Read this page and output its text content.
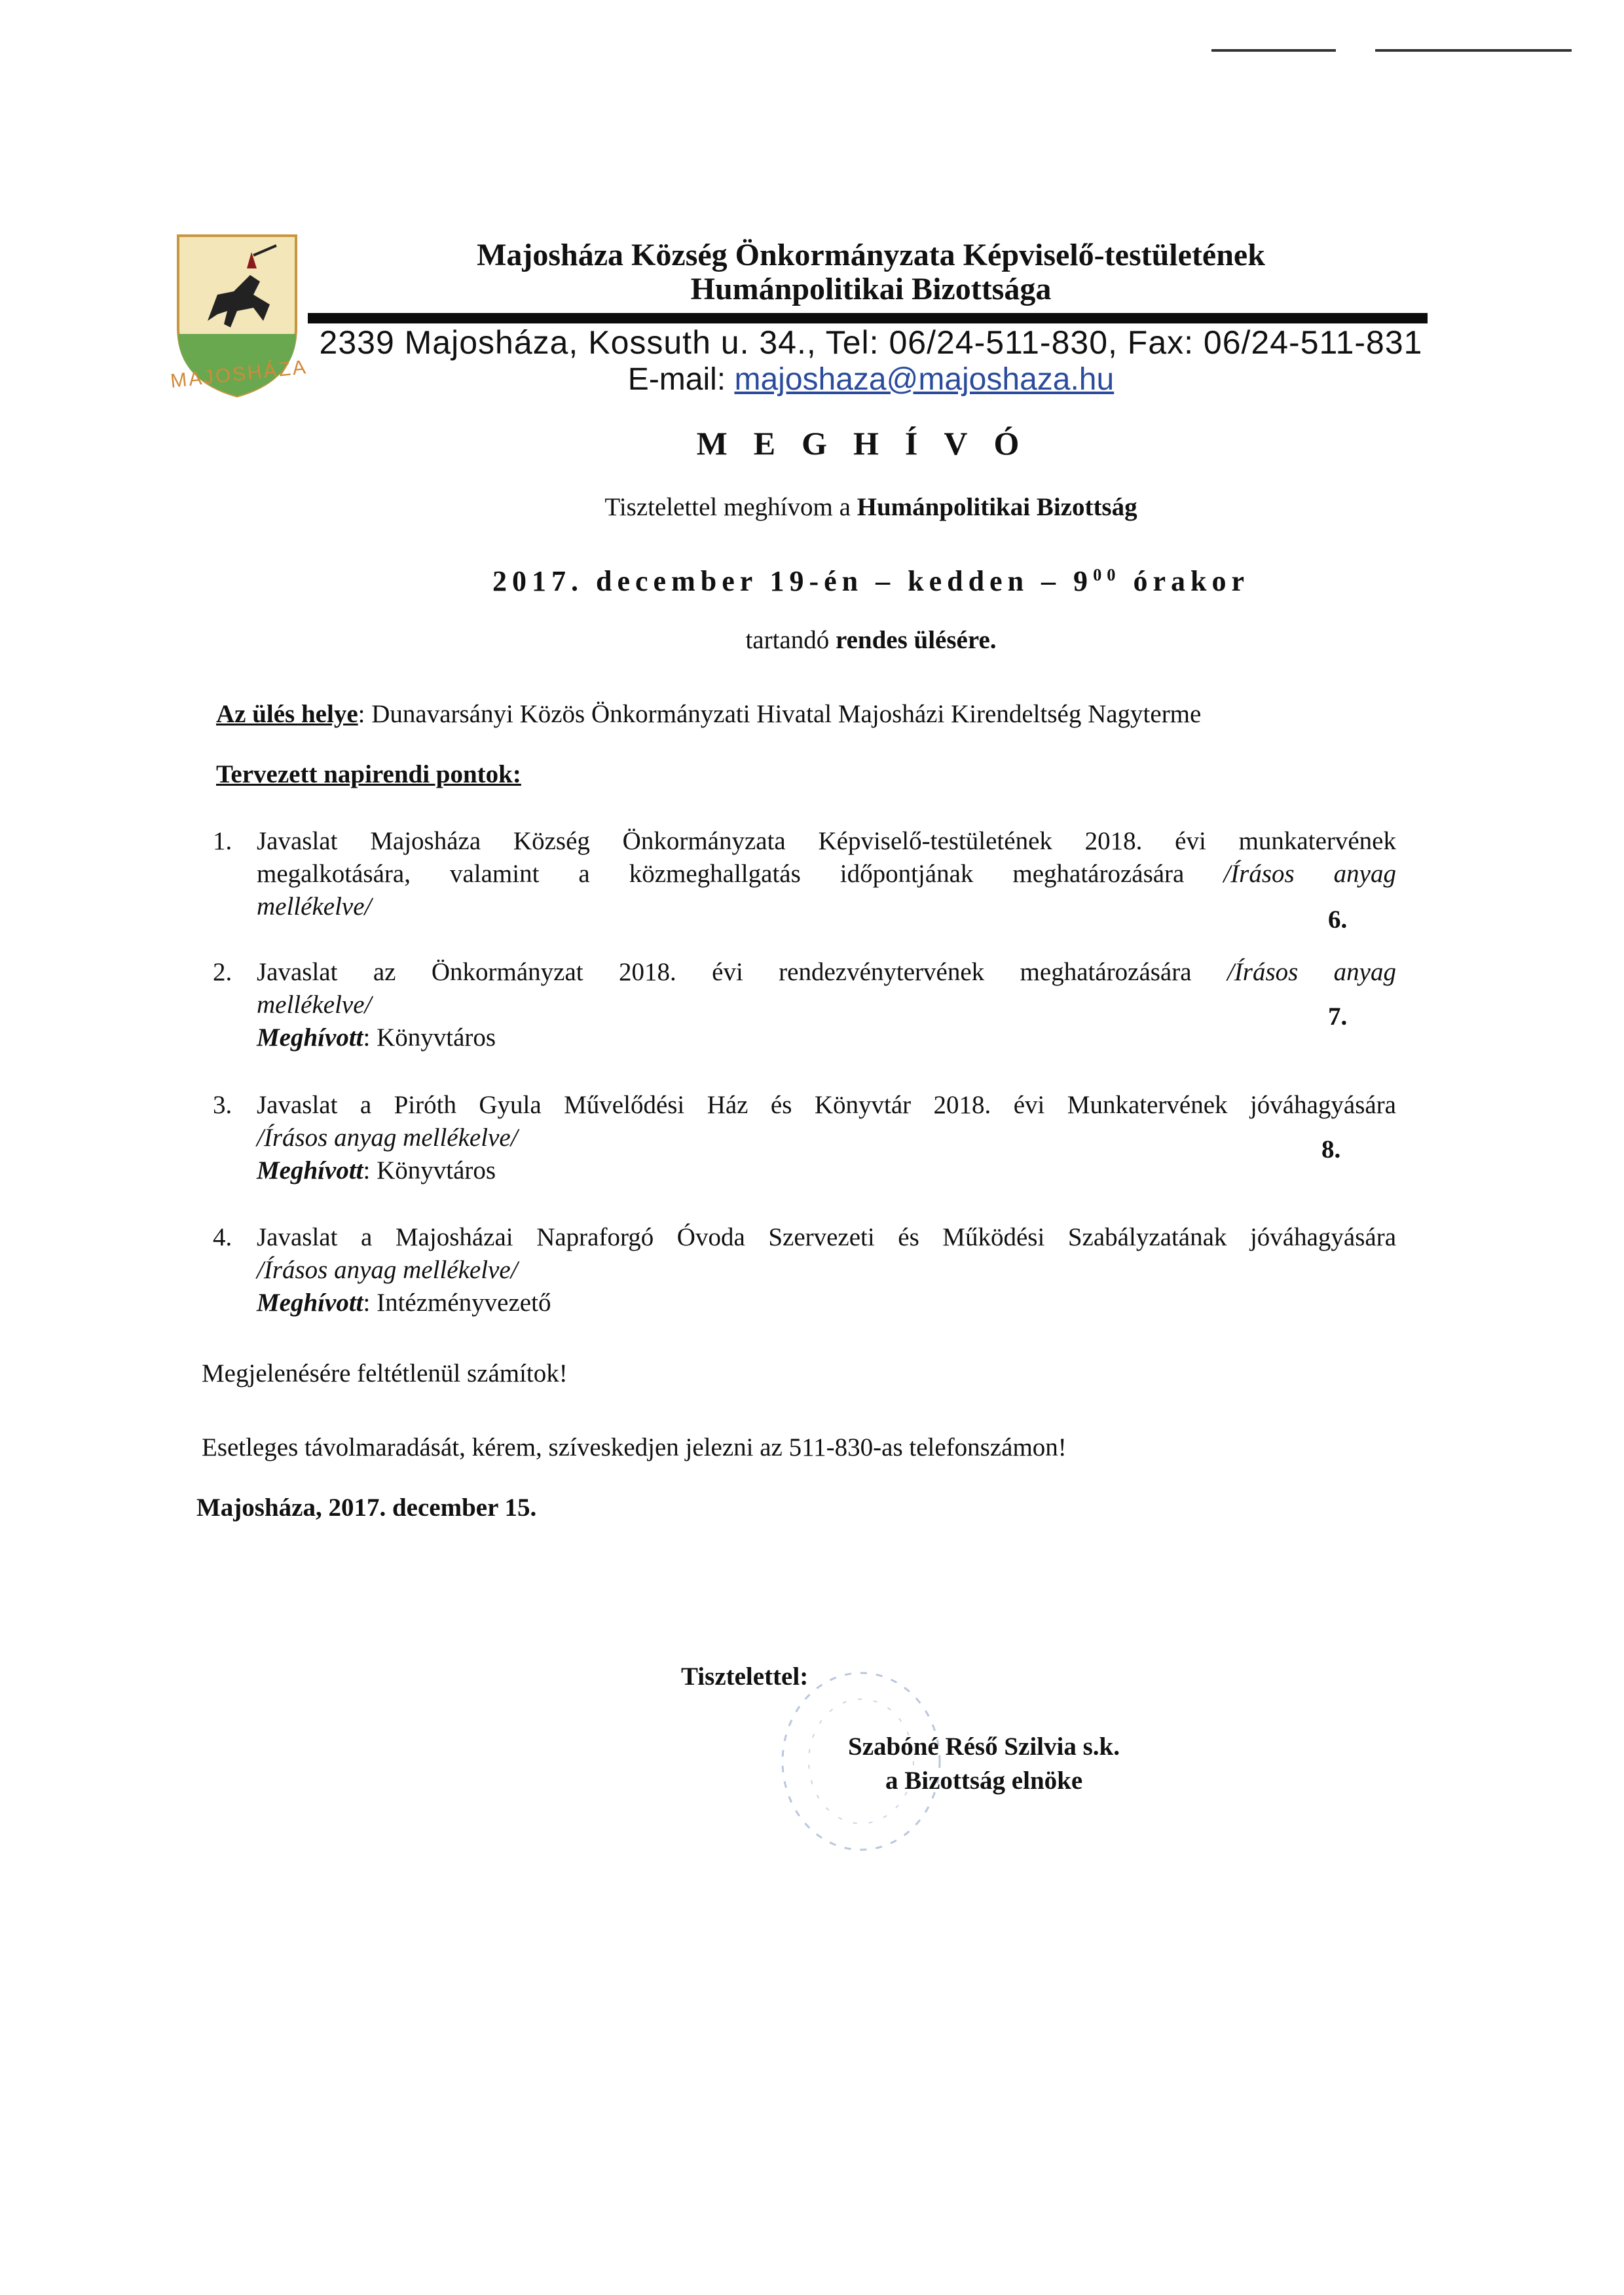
MAJOSHÁZA
Majosháza Község Önkormányzata Képviselő-testületének
Humánpolitikai Bizottsága
2339 Majosháza, Kossuth u. 34., Tel: 06/24-511-830, Fax: 06/24-511-831
E-mail: majoshaza@majoshaza.hu
MEGHÍVÓ
Tisztelettel meghívom a Humánpolitikai Bizottság
2017. december 19-én – kedden – $9^{00}$ órakor
tartandó rendes ülésére.
Az ülés helye: Dunavarsányi Közös Önkormányzati Hivatal Majosházi Kirendeltség Nagyterme
Tervezett napirendi pontok:
1. Javaslat Majosháza Község Önkormányzata Képviselő-testületének 2018. évi munkatervének
megalkotására, valamint a közmeghallgatás időpontjának meghatározására /Írásos anyag
mellékelve/	6.
2. Javaslat az Önkormányzat 2018. évi rendezvénytervének meghatározására /Írásos anyag
mellékelve/
Meghívott: Könyvtáros
7.
3. Javaslat a Piróth Gyula Művelődési Ház és Könyvtár 2018. évi Munkatervének jóváhagyására
/Írásos anyag mellékelve/
Meghívott: Könyvtáros
8.
4. Javaslat a Majosházai Napraforgó Óvoda Szervezeti és Működési Szabályzatának jóváhagyására
/Írásos anyag mellékelve/
Meghívott: Intézményvezető
Megjelenésére feltétlenül számítok!
Esetleges távolmaradását, kérem, szíveskedjen jelezni az 511-830-as telefonszámon!
Majosháza, 2017. december 15.
Tisztelettel:
Szabóné Réső Szilvia s.k.
a Bizottság elnöke
